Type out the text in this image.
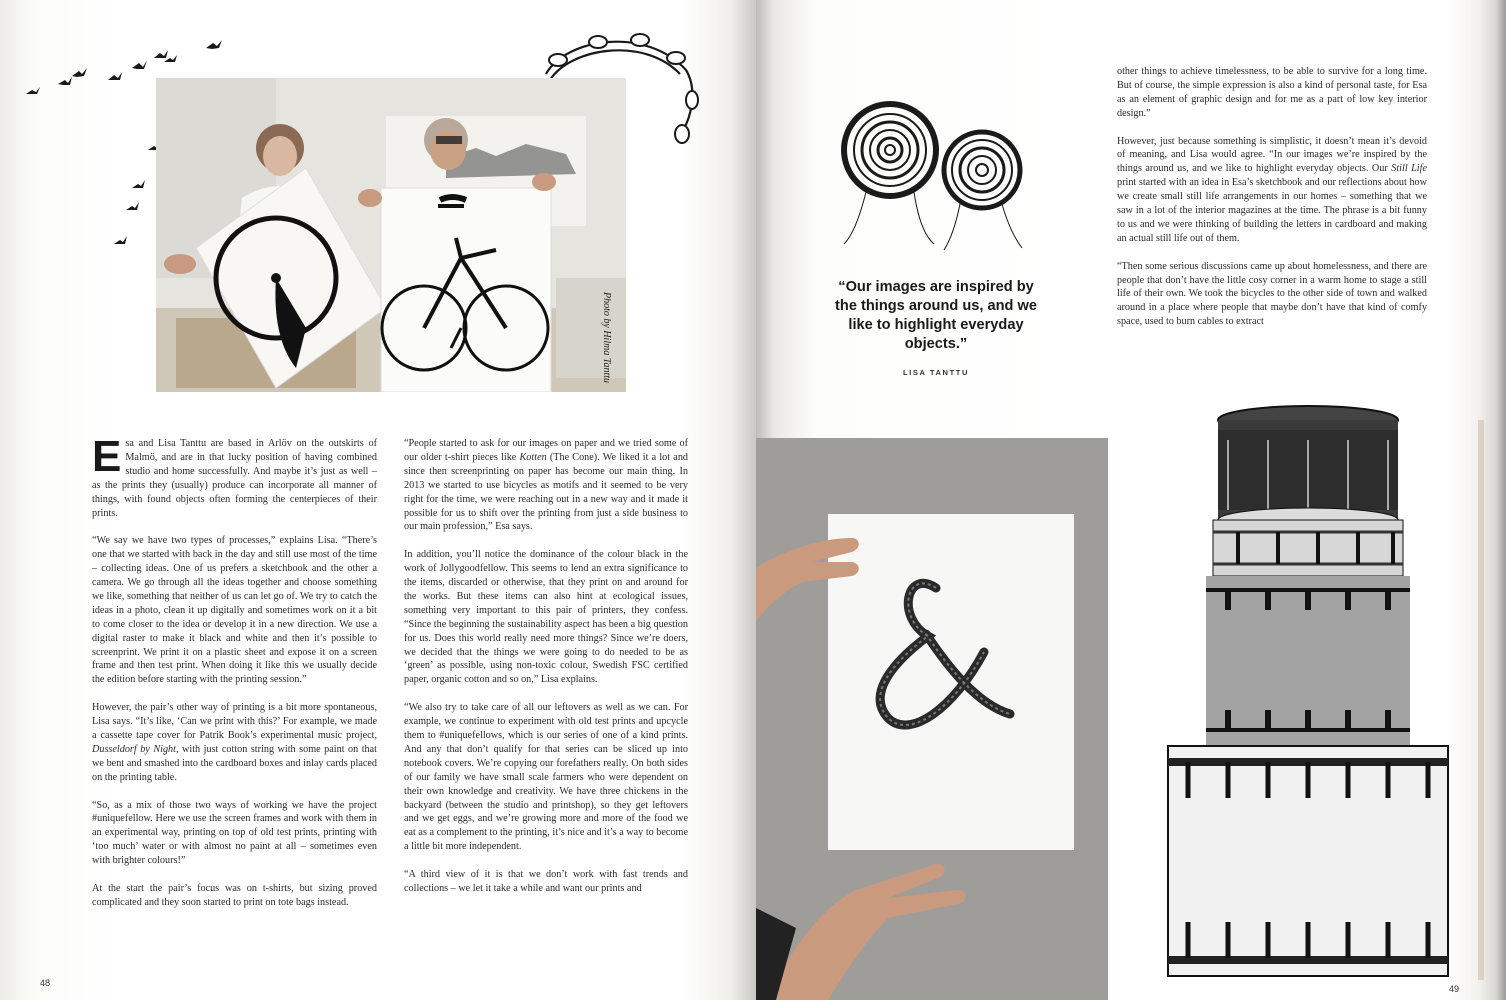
Photo by Hilma Tanttu

Esa and Lisa Tanttu are based in Arlöv on the outskirts of Malmö, and are in that lucky position of having combined studio and home successfully. And maybe it’s just as well – as the prints they (usually) produce can incorporate all manner of things, with found objects often forming the centerpieces of their prints.

“We say we have two types of processes,” explains Lisa. “There’s one that we started with back in the day and still use most of the time – collecting ideas. One of us prefers a sketchbook and the other a camera. We go through all the ideas together and choose something we like, something that neither of us can let go of. We try to catch the ideas in a photo, clean it up digitally and sometimes work on it a bit to come closer to the idea or develop it in a new direction. We use a digital raster to make it black and white and then it’s possible to screenprint. We print it on a plastic sheet and expose it on a screen frame and then test print. When doing it like this we usually decide the edition before starting with the printing session.”

However, the pair’s other way of printing is a bit more spontaneous, Lisa says. “It’s like, ‘Can we print with this?’ For example, we made a cassette tape cover for Patrik Book’s experimental music project, Dusseldorf by Night, with just cotton string with some paint on that we bent and smashed into the cardboard boxes and inlay cards placed on the printing table.

“So, as a mix of those two ways of working we have the project #uniquefellow. Here we use the screen frames and work with them in an experimental way, printing on top of old test prints, printing with ‘too much’ water or with almost no paint at all – sometimes even with brighter colours!”

At the start the pair’s focus was on t-shirts, but sizing proved complicated and they soon started to print on tote bags instead.

“People started to ask for our images on paper and we tried some of our older t-shirt pieces like Kotten (The Cone). We liked it a lot and since then screenprinting on paper has become our main thing. In 2013 we started to use bicycles as motifs and it seemed to be very right for the time, we were reaching out in a new way and it made it possible for us to shift over the printing from just a side business to our main profession,” Esa says.

In addition, you’ll notice the dominance of the colour black in the work of Jollygoodfellow. This seems to lend an extra significance to the items, discarded or otherwise, that they print on and around for the works. But these items can also hint at ecological issues, something very important to this pair of printers, they confess. “Since the beginning the sustainability aspect has been a big question for us. Does this world really need more things? Since we’re doers, we decided that the things we were going to do needed to be as ‘green’ as possible, using non-toxic colour, Swedish FSC certified paper, organic cotton and so on,” Lisa explains.

“We also try to take care of all our leftovers as well as we can. For example, we continue to experiment with old test prints and upcycle them to #uniquefellows, which is our series of one of a kind prints. And any that don’t qualify for that series can be sliced up into notebook covers. We’re copying our forefathers really. On both sides of our family we have small scale farmers who were dependent on their own knowledge and creativity. We have three chickens in the backyard (between the studio and printshop), so they get leftovers and we get eggs, and we’re growing more and more of the food we eat as a complement to the printing, it’s nice and it’s a way to become a little bit more independent.

“A third view of it is that we don’t work with fast trends and collections – we let it take a while and want our prints and

48
“Our images are inspired by the things around us, and we like to highlight everyday objects.”
LISA TANTTU

other things to achieve timelessness, to be able to survive for a long time. But of course, the simple expression is also a kind of personal taste, for Esa as an element of graphic design and for me as a part of low key interior design.”

However, just because something is simplistic, it doesn’t mean it’s devoid of meaning, and Lisa would agree. “In our images we’re inspired by the things around us, and we like to highlight everyday objects. Our Still Life print started with an idea in Esa’s sketchbook and our reflections about how we create small still life arrangements in our homes – something that we saw in a lot of the interior magazines at the time. The phrase is a bit funny to us and we were thinking of building the letters in cardboard and making an actual still life out of them.

“Then some serious discussions came up about homelessness, and there are people that don’t have the little cosy corner in a warm home to stage a still life of their own. We took the bicycles to the other side of town and walked around in a place where people that maybe don’t have that kind of comfy space, used to burn cables to extract

49
